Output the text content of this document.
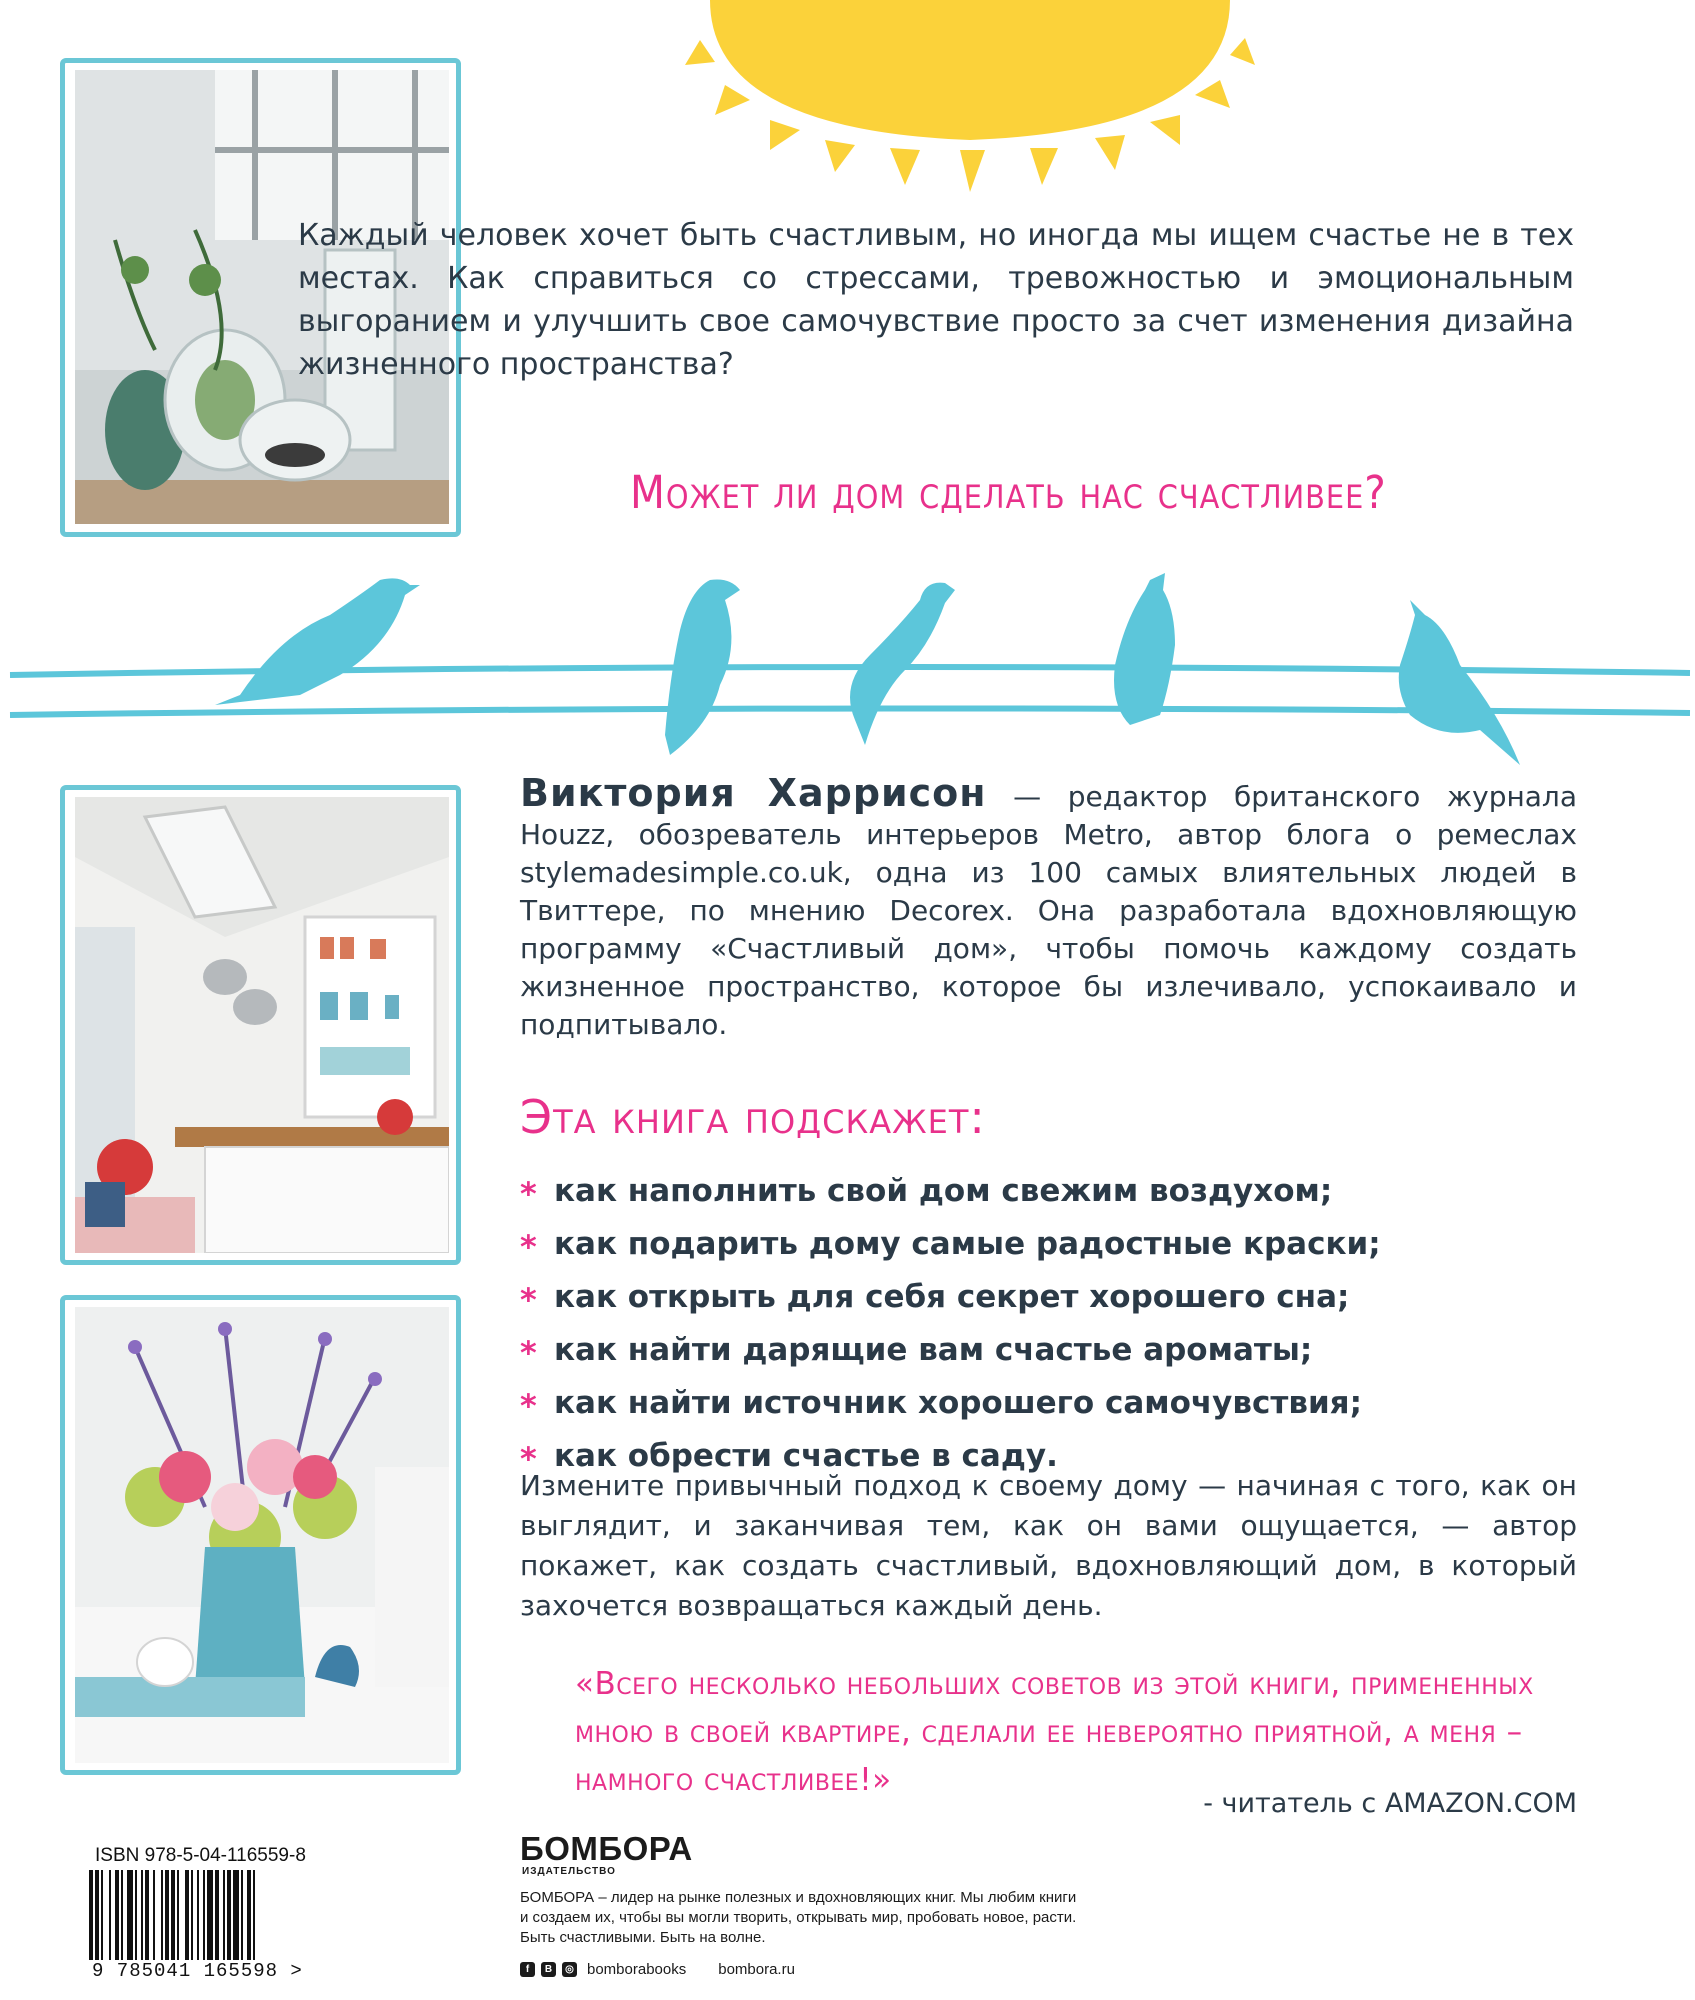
Каждый человек хочет быть счастливым, но иногда мы ищем счастье не в тех местах. Как справиться со стрессами, тревожностью и эмоциональным выгоранием и улучшить свое самочувствие просто за счет изменения дизайна жизненного пространства?

Может ли дом сделать нас счастливее?

Виктория Харрисон — редактор британского журнала Houzz, обозреватель интерьеров Metro, автор блога о ремеслах stylemadesimple.co.uk, одна из 100 самых влиятельных людей в Твиттере, по мнению Decorex. Она разработала вдохновляющую программу «Счастливый дом», чтобы помочь каждому создать жизненное пространство, которое бы излечивало, успокаивало и подпитывало.

Эта книга подскажет:
* как наполнить свой дом свежим воздухом;
* как подарить дому самые радостные краски;
* как открыть для себя секрет хорошего сна;
* как найти дарящие вам счастье ароматы;
* как найти источник хорошего самочувствия;
* как обрести счастье в саду.

Измените привычный подход к своему дому — начиная с того, как он выглядит, и заканчивая тем, как он вами ощущается, — автор покажет, как создать счастливый, вдохновляющий дом, в который захочется возвращаться каждый день.

«Всего несколько небольших советов из этой книги, примененных мною в своей квартире, сделали ее невероятно приятной, а меня – намного счастливее!»
- читатель с AMAZON.COM
БОМБОРА
ИЗДАТЕЛЬСТВО
БОМБОРА – лидер на рынке полезных и вдохновляющих книг. Мы любим книги и создаем их, чтобы вы могли творить, открывать мир, пробовать новое, расти. Быть счастливыми. Быть на волне.
f	В	◎ bomborabooks bombora.ru
ISBN 978-5-04-116559-8
9 785041 165598 >
